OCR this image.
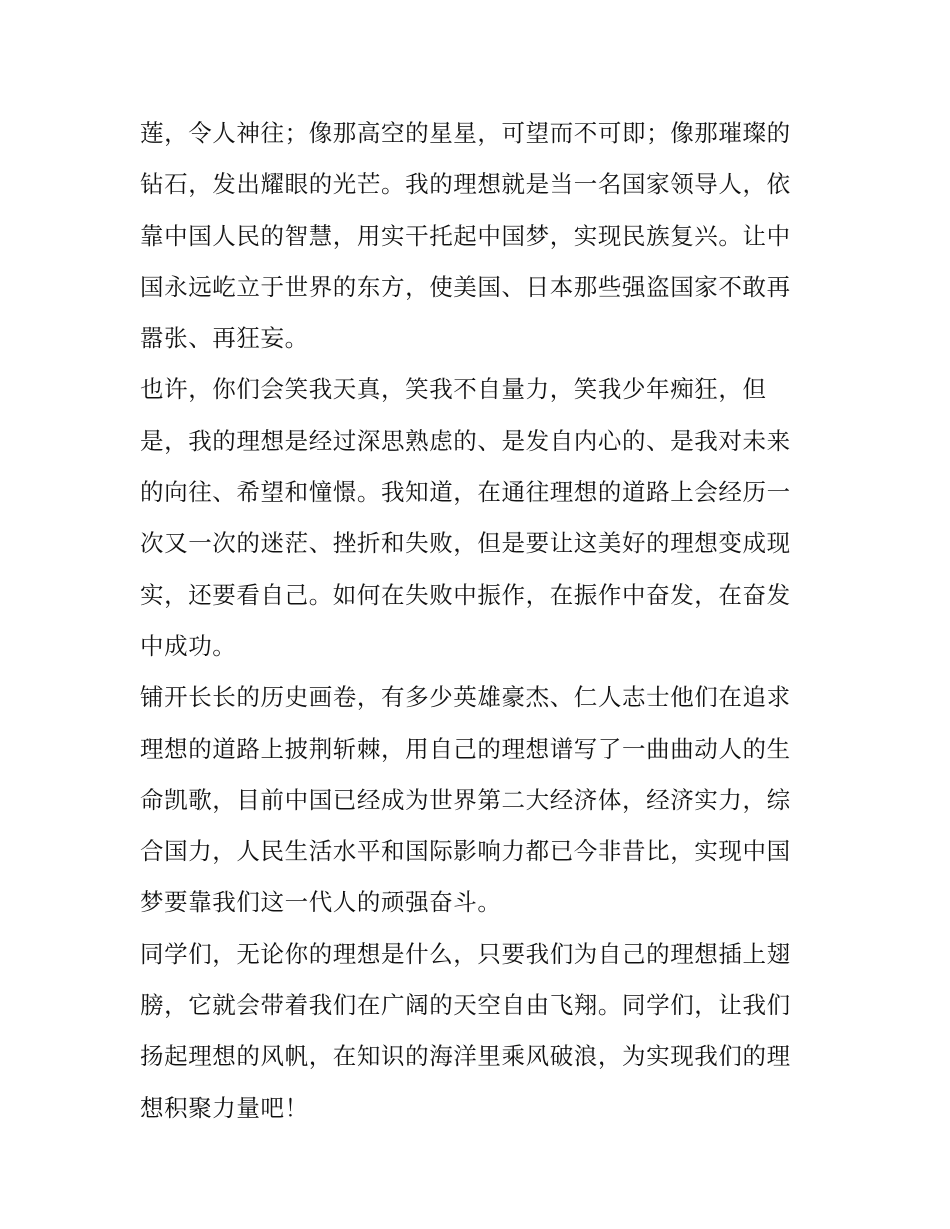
莲，令人神往；像那高空的星星，可望而不可即；像那璀璨的
钻石，发出耀眼的光芒。我的理想就是当一名国家领导人，依
靠中国人民的智慧，用实干托起中国梦，实现民族复兴。让中
国永远屹立于世界的东方，使美国、日本那些强盗国家不敢再
嚣张、再狂妄。
也许，你们会笑我天真，笑我不自量力，笑我少年痴狂，但
是，我的理想是经过深思熟虑的、是发自内心的、是我对未来
的向往、希望和憧憬。我知道，在通往理想的道路上会经历一
次又一次的迷茫、挫折和失败，但是要让这美好的理想变成现
实，还要看自己。如何在失败中振作，在振作中奋发，在奋发
中成功。
铺开长长的历史画卷，有多少英雄豪杰、仁人志士他们在追求
理想的道路上披荆斩棘，用自己的理想谱写了一曲曲动人的生
命凯歌，目前中国已经成为世界第二大经济体，经济实力，综
合国力，人民生活水平和国际影响力都已今非昔比，实现中国
梦要靠我们这一代人的顽强奋斗。
同学们，无论你的理想是什么，只要我们为自己的理想插上翅
膀，它就会带着我们在广阔的天空自由飞翔。同学们，让我们
扬起理想的风帆，在知识的海洋里乘风破浪，为实现我们的理
想积聚力量吧！
